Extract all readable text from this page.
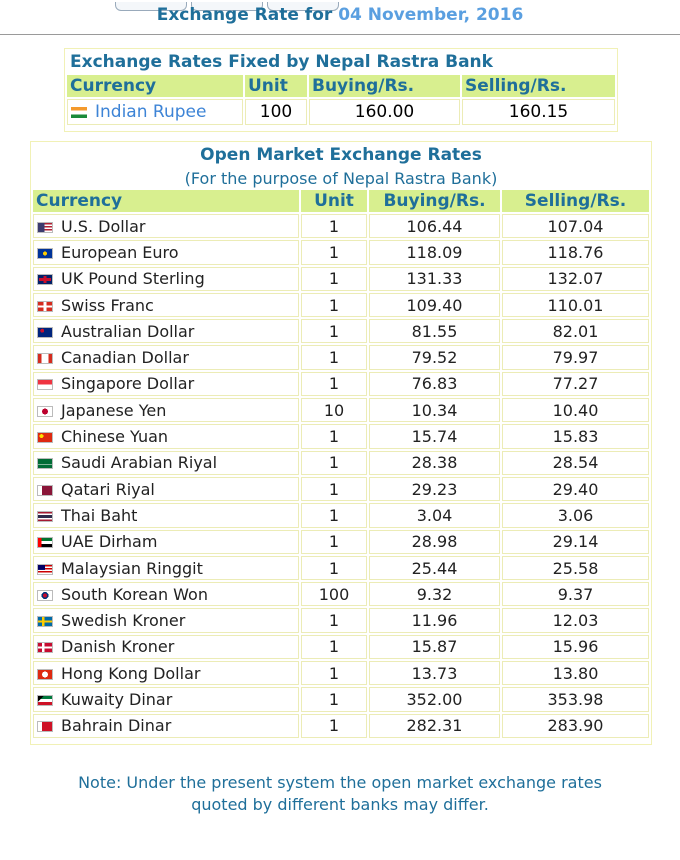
Exchange Rate for 04 November, 2016
Exchange Rates Fixed by Nepal Rastra Bank			
Currency	Unit	Buying/Rs.	Selling/Rs.
Indian Rupee	100	160.00	160.15
Open Market Exchange Rates			
(For the purpose of Nepal Rastra Bank)			
Currency	Unit	Buying/Rs.	Selling/Rs.
U.S. Dollar	1	106.44	107.04
European Euro	1	118.09	118.76
UK Pound Sterling	1	131.33	132.07
Swiss Franc	1	109.40	110.01
Australian Dollar	1	81.55	82.01
Canadian Dollar	1	79.52	79.97
Singapore Dollar	1	76.83	77.27
Japanese Yen	10	10.34	10.40
Chinese Yuan	1	15.74	15.83
Saudi Arabian Riyal	1	28.38	28.54
Qatari Riyal	1	29.23	29.40
Thai Baht	1	3.04	3.06
UAE Dirham	1	28.98	29.14
Malaysian Ringgit	1	25.44	25.58
South Korean Won	100	9.32	9.37
Swedish Kroner	1	11.96	12.03
Danish Kroner	1	15.87	15.96
Hong Kong Dollar	1	13.73	13.80
Kuwaity Dinar	1	352.00	353.98
Bahrain Dinar	1	282.31	283.90
Note: Under the present system the open market exchange rates
quoted by different banks may differ.
